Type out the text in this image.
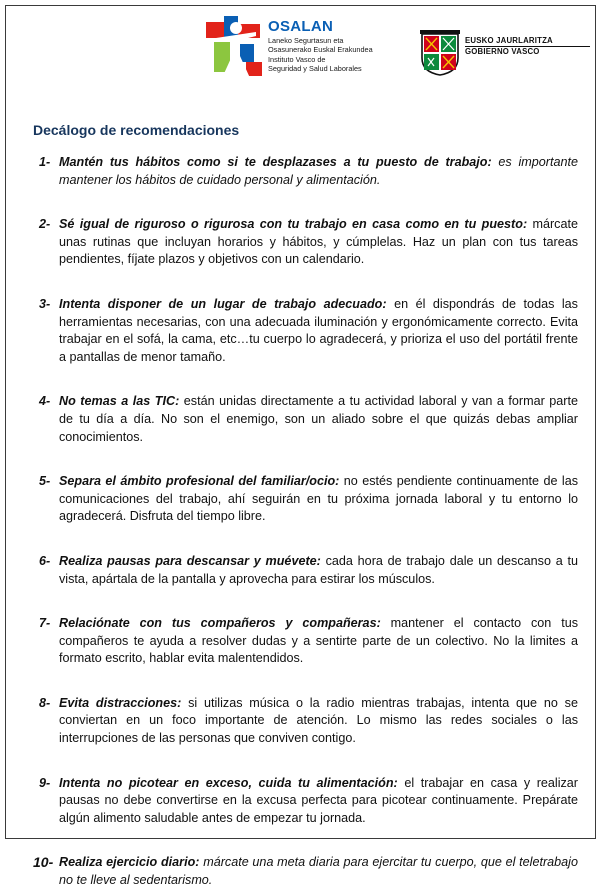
OSALAN
Laneko Segurtasun eta
Osasunerako Euskal Erakundea
Instituto Vasco de
Seguridad y Salud Laborales
EUSKO JAURLARITZA
GOBIERNO VASCO
Decálogo de recomendaciones
1- Mantén tus hábitos como si te desplazases a tu puesto de trabajo: es importante mantener los hábitos de cuidado personal y alimentación.
2- Sé igual de riguroso o rigurosa con tu trabajo en casa como en tu puesto: márcate unas rutinas que incluyan horarios y hábitos, y cúmplelas. Haz un plan con tus tareas pendientes, fíjate plazos y objetivos con un calendario.
3- Intenta disponer de un lugar de trabajo adecuado: en él dispondrás de todas las herramientas necesarias, con una adecuada iluminación y ergonómicamente correcto. Evita trabajar en el sofá, la cama, etc…tu cuerpo lo agradecerá, y prioriza el uso del portátil frente a pantallas de menor tamaño.
4- No temas a las TIC: están unidas directamente a tu actividad laboral y van a formar parte de tu día a día. No son el enemigo, son un aliado sobre el que quizás debas ampliar conocimientos.
5- Separa el ámbito profesional del familiar/ocio: no estés pendiente continuamente de las comunicaciones del trabajo, ahí seguirán en tu próxima jornada laboral y tu entorno lo agradecerá. Disfruta del tiempo libre.
6- Realiza pausas para descansar y muévete: cada hora de trabajo dale un descanso a tu vista, apártala de la pantalla y aprovecha para estirar los músculos.
7- Relaciónate con tus compañeros y compañeras: mantener el contacto con tus compañeros te ayuda a resolver dudas y a sentirte parte de un colectivo. No la limites a formato escrito, hablar evita malentendidos.
8- Evita distracciones: si utilizas música o la radio mientras trabajas, intenta que no se conviertan en un foco importante de atención. Lo mismo las redes sociales o las interrupciones de las personas que conviven contigo.
9- Intenta no picotear en exceso, cuida tu alimentación: el trabajar en casa y realizar pausas no debe convertirse en la excusa perfecta para picotear continuamente. Prepárate algún alimento saludable antes de empezar tu jornada.
10- Realiza ejercicio diario: márcate una meta diaria para ejercitar tu cuerpo, que el teletrabajo no te lleve al sedentarismo.
